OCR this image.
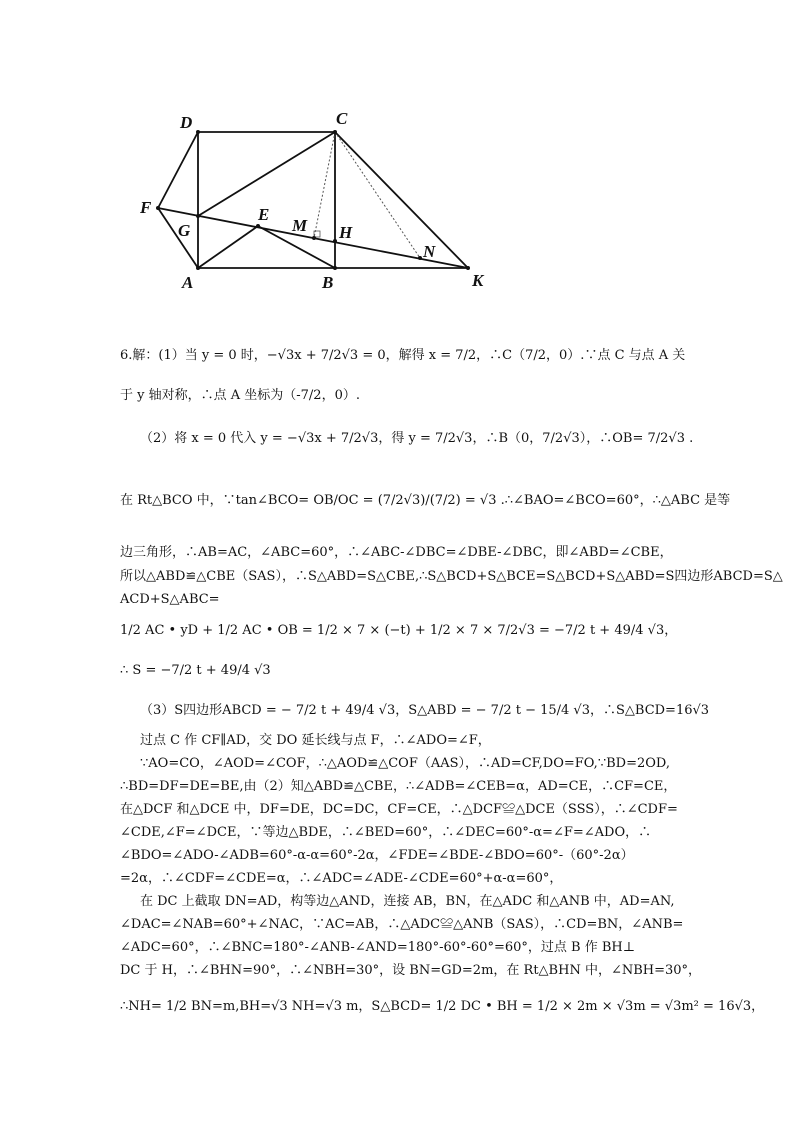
D	C
F
G
E
M H
N
A	B	K
6.解：(1）当 y = 0 时，−√3x + 7/2√3 = 0，解得 x = 7/2，∴C（7/2，0）.∵点 C 与点 A 关
于 y 轴对称，∴点 A 坐标为（-7/2，0）.
（2）将 x = 0 代入 y = −√3x + 7/2√3，得 y = 7/2√3，∴B（0，7/2√3），∴OB= 7/2√3 .
在 Rt△BCO 中，∵tan∠BCO= OB/OC = (7/2√3)/(7/2) = √3 .∴∠BAO=∠BCO=60°，∴△ABC 是等
边三角形，∴AB=AC，∠ABC=60°，∴∠ABC-∠DBC=∠DBE-∠DBC，即∠ABD=∠CBE，
所以△ABD≌△CBE（SAS），∴S△ABD=S△CBE,∴S△BCD+S△BCE=S△BCD+S△ABD=S四边形ABCD=S△
ACD+S△ABC=
1/2 AC • yD + 1/2 AC • OB = 1/2 × 7 × (−t) + 1/2 × 7 × 7/2√3 = −7/2 t + 49/4 √3，
∴ S = −7/2 t + 49/4 √3
（3）S四边形ABCD = − 7/2 t + 49/4 √3，S△ABD = − 7/2 t − 15/4 √3，∴S△BCD=16√3
过点 C 作 CF∥AD，交 DO 延长线与点 F，∴∠ADO=∠F，
∵AO=CO，∠AOD=∠COF，∴△AOD≌△COF（AAS），∴AD=CF,DO=FO,∵BD=2OD,
∴BD=DF=DE=BE,由（2）知△ABD≌△CBE，∴∠ADB=∠CEB=α，AD=CE，∴CF=CE，
在△DCF 和△DCE 中，DF=DE，DC=DC，CF=CE，∴△DCF≌△DCE（SSS），∴∠CDF=
∠CDE,∠F=∠DCE，∵等边△BDE，∴∠BED=60°，∴∠DEC=60°-α=∠F=∠ADO，∴
∠BDO=∠ADO-∠ADB=60°-α-α=60°-2α，∠FDE=∠BDE-∠BDO=60°-（60°-2α）
=2α，∴∠CDF=∠CDE=α，∴∠ADC=∠ADE-∠CDE=60°+α-α=60°，
在 DC 上截取 DN=AD，构等边△AND，连接 AB，BN，在△ADC 和△ANB 中，AD=AN,
∠DAC=∠NAB=60°+∠NAC，∵AC=AB，∴△ADC≌△ANB（SAS），∴CD=BN，∠ANB=
∠ADC=60°，∴∠BNC=180°-∠ANB-∠AND=180°-60°-60°=60°，过点 B 作 BH⊥
DC 于 H，∴∠BHN=90°，∴∠NBH=30°，设 BN=GD=2m，在 Rt△BHN 中，∠NBH=30°，
∴NH= 1/2 BN=m,BH=√3 NH=√3 m，S△BCD= 1/2 DC • BH = 1/2 × 2m × √3m = √3m² = 16√3，
